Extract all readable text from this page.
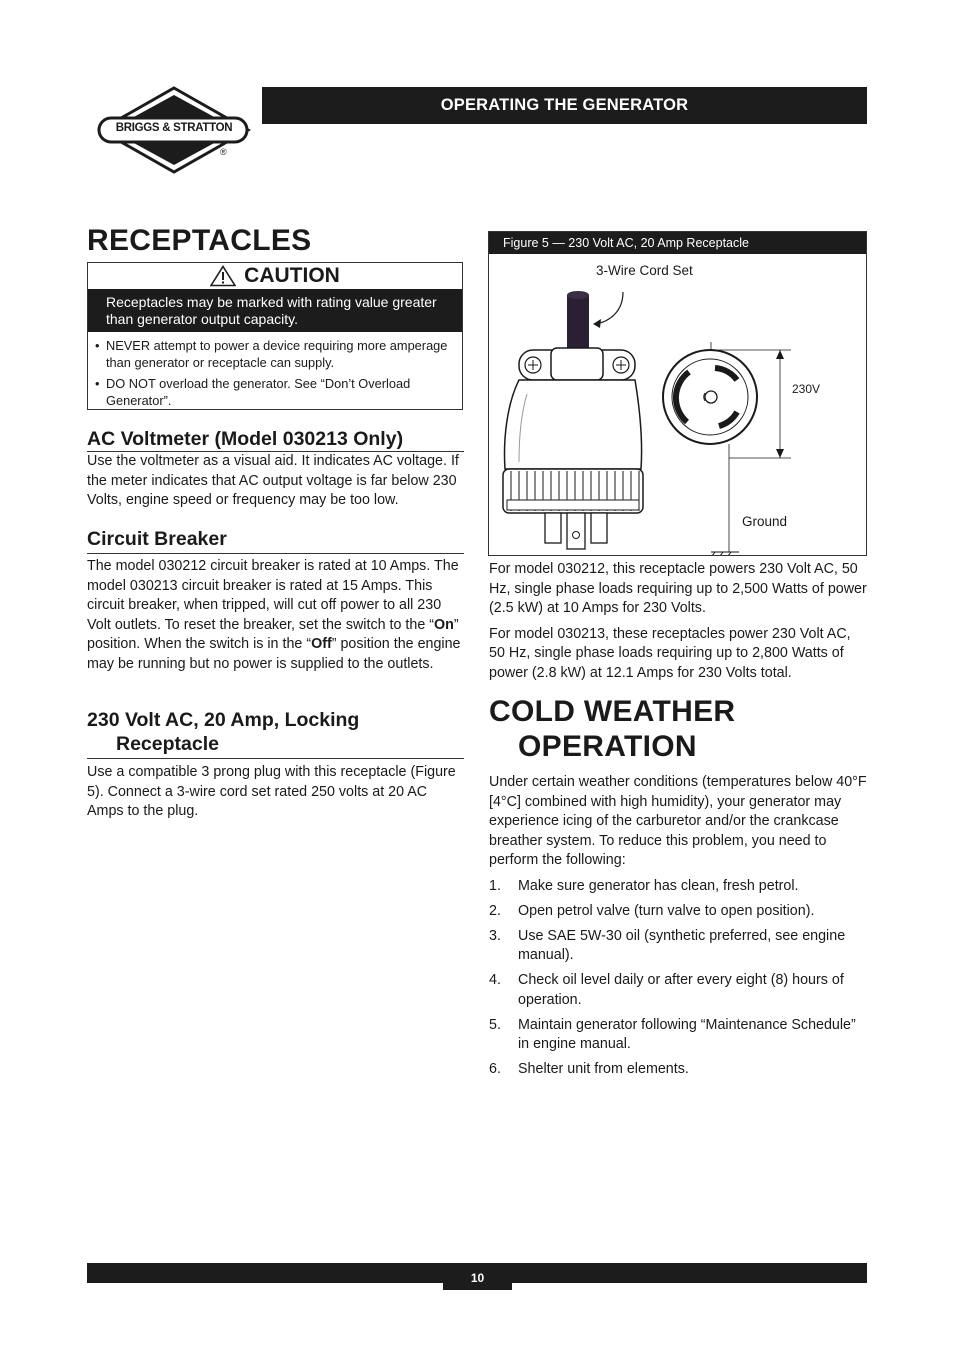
BRIGGS & STRATTON
®
OPERATING THE GENERATOR
RECEPTACLES
CAUTION
Receptacles may be marked with rating value greater than generator output capacity.
• NEVER attempt to power a device requiring more amperage than generator or receptacle can supply.
• DO NOT overload the generator. See “Don’t Overload Generator”.
AC Voltmeter (Model 030213 Only)

Use the voltmeter as a visual aid. It indicates AC voltage. If the meter indicates that AC output voltage is far below 230 Volts, engine speed or frequency may be too low.

Circuit Breaker

The model 030212 circuit breaker is rated at 10 Amps. The model 030213 circuit breaker is rated at 15 Amps. This circuit breaker, when tripped, will cut off power to all 230 Volt outlets. To reset the breaker, set the switch to the “On” position. When the switch is in the “Off” position the engine may be running but no power is supplied to the outlets.

230 Volt AC, 20 Amp, Locking
Receptacle

Use a compatible 3 prong plug with this receptacle (Figure 5). Connect a 3-wire cord set rated 250 volts at 20 AC Amps to the plug.

Figure 5 — 230 Volt AC, 20 Amp Receptacle
3-Wire Cord Set
230V
Ground

For model 030212, this receptacle powers 230 Volt AC, 50 Hz, single phase loads requiring up to 2,500 Watts of power (2.5 kW) at 10 Amps for 230 Volts.

For model 030213, these receptacles power 230 Volt AC, 50 Hz, single phase loads requiring up to 2,800 Watts of power (2.8 kW) at 12.1 Amps for 230 Volts total.

COLD WEATHER
OPERATION

Under certain weather conditions (temperatures below 40°F [4°C] combined with high humidity), your generator may experience icing of the carburetor and/or the crankcase breather system. To reduce this problem, you need to perform the following:

1. Make sure generator has clean, fresh petrol.
2. Open petrol valve (turn valve to open position).
3. Use SAE 5W-30 oil (synthetic preferred, see engine manual).
4. Check oil level daily or after every eight (8) hours of operation.
5. Maintain generator following “Maintenance Schedule” in engine manual.
6. Shelter unit from elements.
10
